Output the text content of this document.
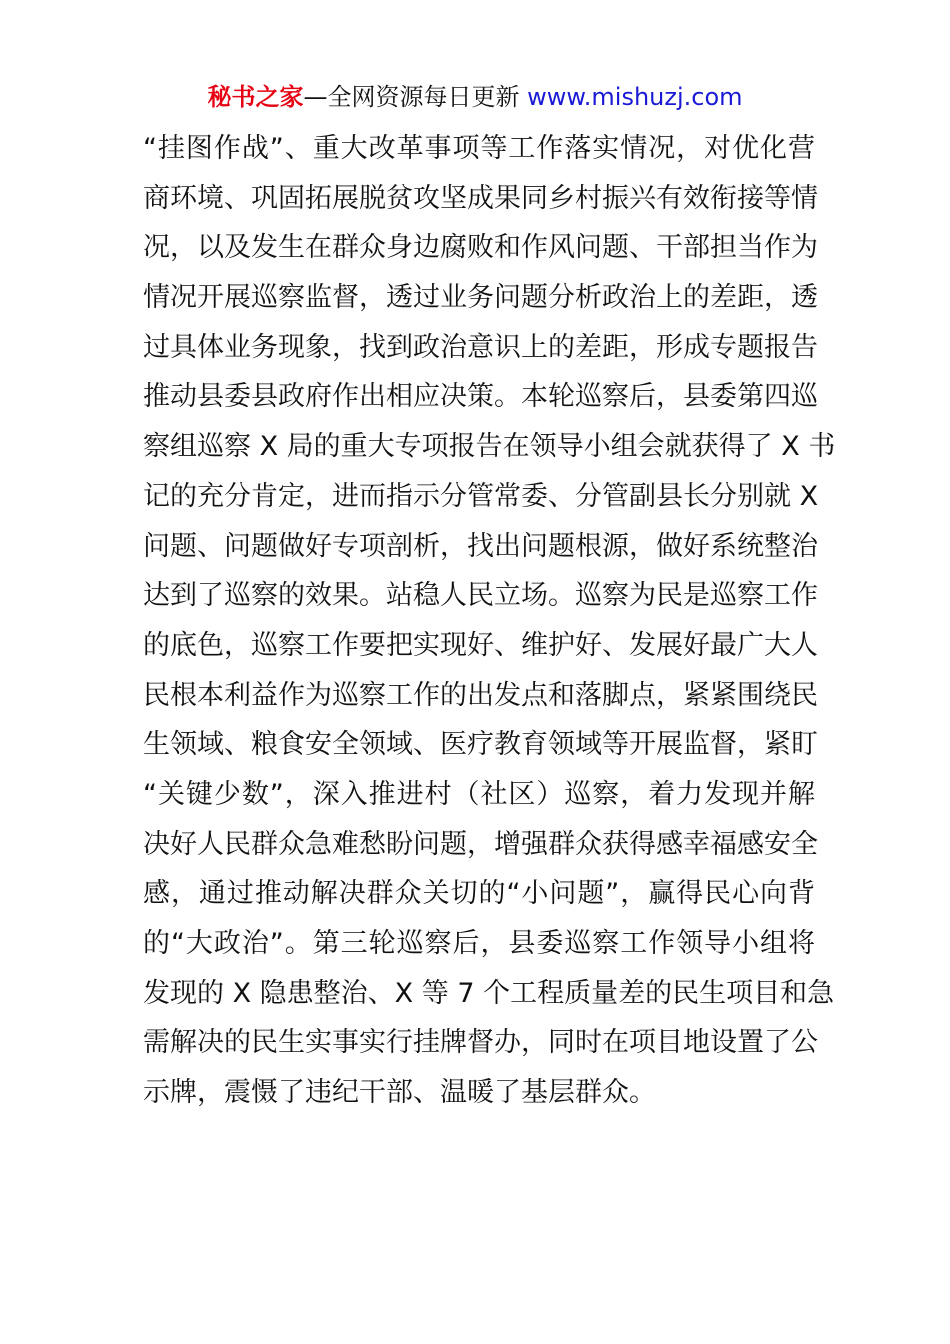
秘书之家—全网资源每日更新 www.mishuzj.com
“挂图作战”、重大改革事项等工作落实情况，对优化营
商环境、巩固拓展脱贫攻坚成果同乡村振兴有效衔接等情
况，以及发生在群众身边腐败和作风问题、干部担当作为
情况开展巡察监督，透过业务问题分析政治上的差距，透
过具体业务现象，找到政治意识上的差距，形成专题报告
推动县委县政府作出相应决策。本轮巡察后，县委第四巡
察组巡察 X 局的重大专项报告在领导小组会就获得了 X 书
记的充分肯定，进而指示分管常委、分管副县长分别就 X
问题、问题做好专项剖析，找出问题根源，做好系统整治
达到了巡察的效果。站稳人民立场。巡察为民是巡察工作
的底色，巡察工作要把实现好、维护好、发展好最广大人
民根本利益作为巡察工作的出发点和落脚点，紧紧围绕民
生领域、粮食安全领域、医疗教育领域等开展监督，紧盯
“关键少数”，深入推进村（社区）巡察，着力发现并解
决好人民群众急难愁盼问题，增强群众获得感幸福感安全
感，通过推动解决群众关切的“小问题”，赢得民心向背
的“大政治”。第三轮巡察后，县委巡察工作领导小组将
发现的 X 隐患整治、X 等 7 个工程质量差的民生项目和急
需解决的民生实事实行挂牌督办，同时在项目地设置了公
示牌，震慑了违纪干部、温暖了基层群众。
